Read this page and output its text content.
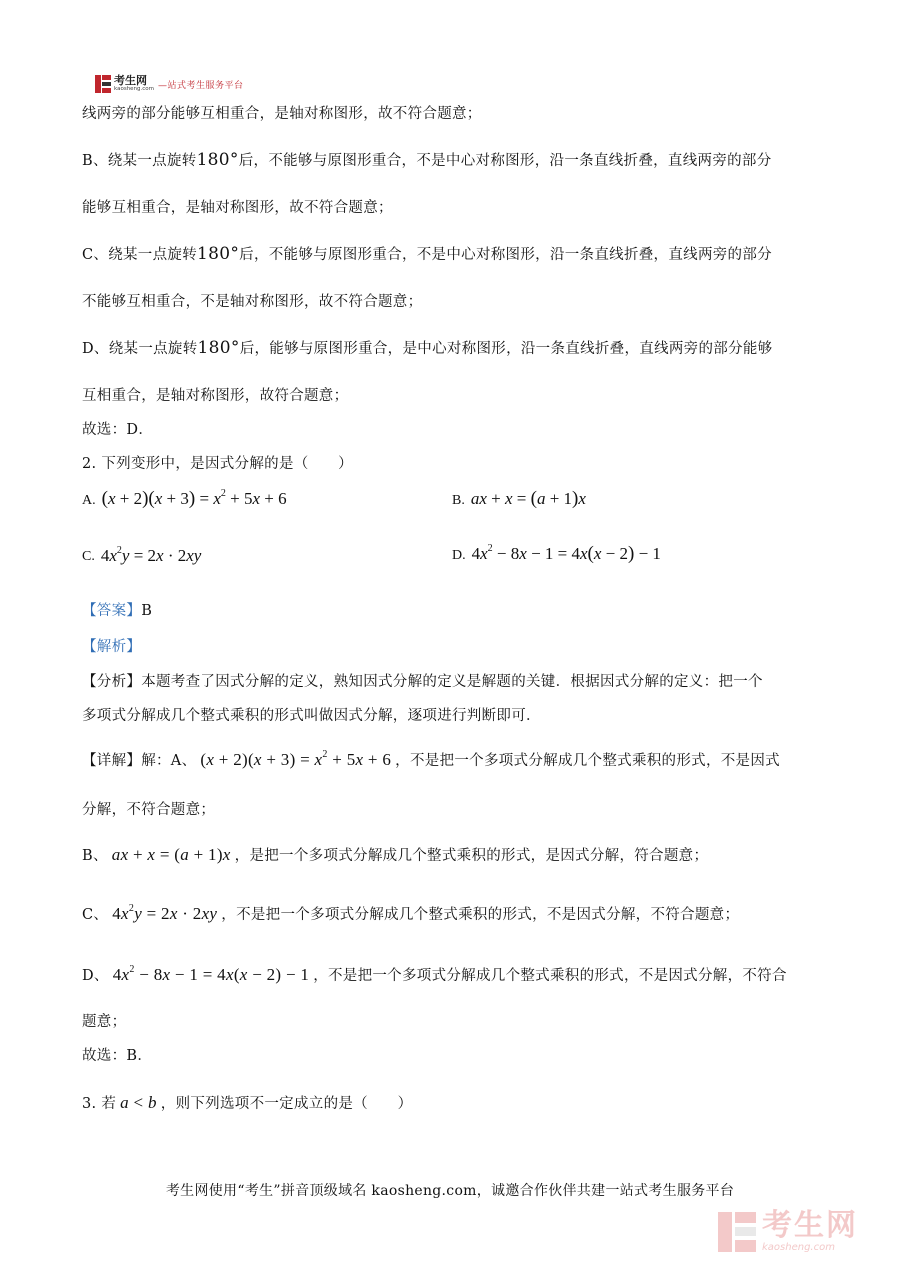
考生网
kaosheng.com —站式考生服务平台
线两旁的部分能够互相重合，是轴对称图形，故不符合题意；
B、绕某一点旋转180°后，不能够与原图形重合，不是中心对称图形，沿一条直线折叠，直线两旁的部分
能够互相重合，是轴对称图形，故不符合题意；
C、绕某一点旋转180°后，不能够与原图形重合，不是中心对称图形，沿一条直线折叠，直线两旁的部分
不能够互相重合，不是轴对称图形，故不符合题意；
D、绕某一点旋转180°后，能够与原图形重合，是中心对称图形，沿一条直线折叠，直线两旁的部分能够
互相重合，是轴对称图形，故符合题意；
故选：D．
2. 下列变形中，是因式分解的是（　　）
A. $(x + 2)(x + 3) = x^2 + 5x + 6$	B. ax + x = (a + 1)x
C. $4x^2y = 2x \cdot 2xy$	D. $4x^2 - 8x - 1 = 4x(x - 2) - 1$
【答案】B
【解析】
【分析】本题考查了因式分解的定义，熟知因式分解的定义是解题的关键．根据因式分解的定义：把一个
多项式分解成几个整式乘积的形式叫做因式分解，逐项进行判断即可．
【详解】解：A、 $(x + 2)(x + 3) = x^2 + 5x + 6$ ，不是把一个多项式分解成几个整式乘积的形式，不是因式
分解，不符合题意；
B、 ax + x = (a + 1)x ，是把一个多项式分解成几个整式乘积的形式，是因式分解，符合题意；
C、 $4x^2y = 2x \cdot 2xy$ ，不是把一个多项式分解成几个整式乘积的形式，不是因式分解，不符合题意；
D、 $4x^2 - 8x - 1 = 4x(x - 2) - 1$ ，不是把一个多项式分解成几个整式乘积的形式，不是因式分解，不符合
题意；
故选：B．
3. 若 a < b ，则下列选项不一定成立的是（　　）
考生网使用“考生”拼音顶级域名 kaosheng.com，诚邀合作伙伴共建一站式考生服务平台
考生网
kaosheng.com
